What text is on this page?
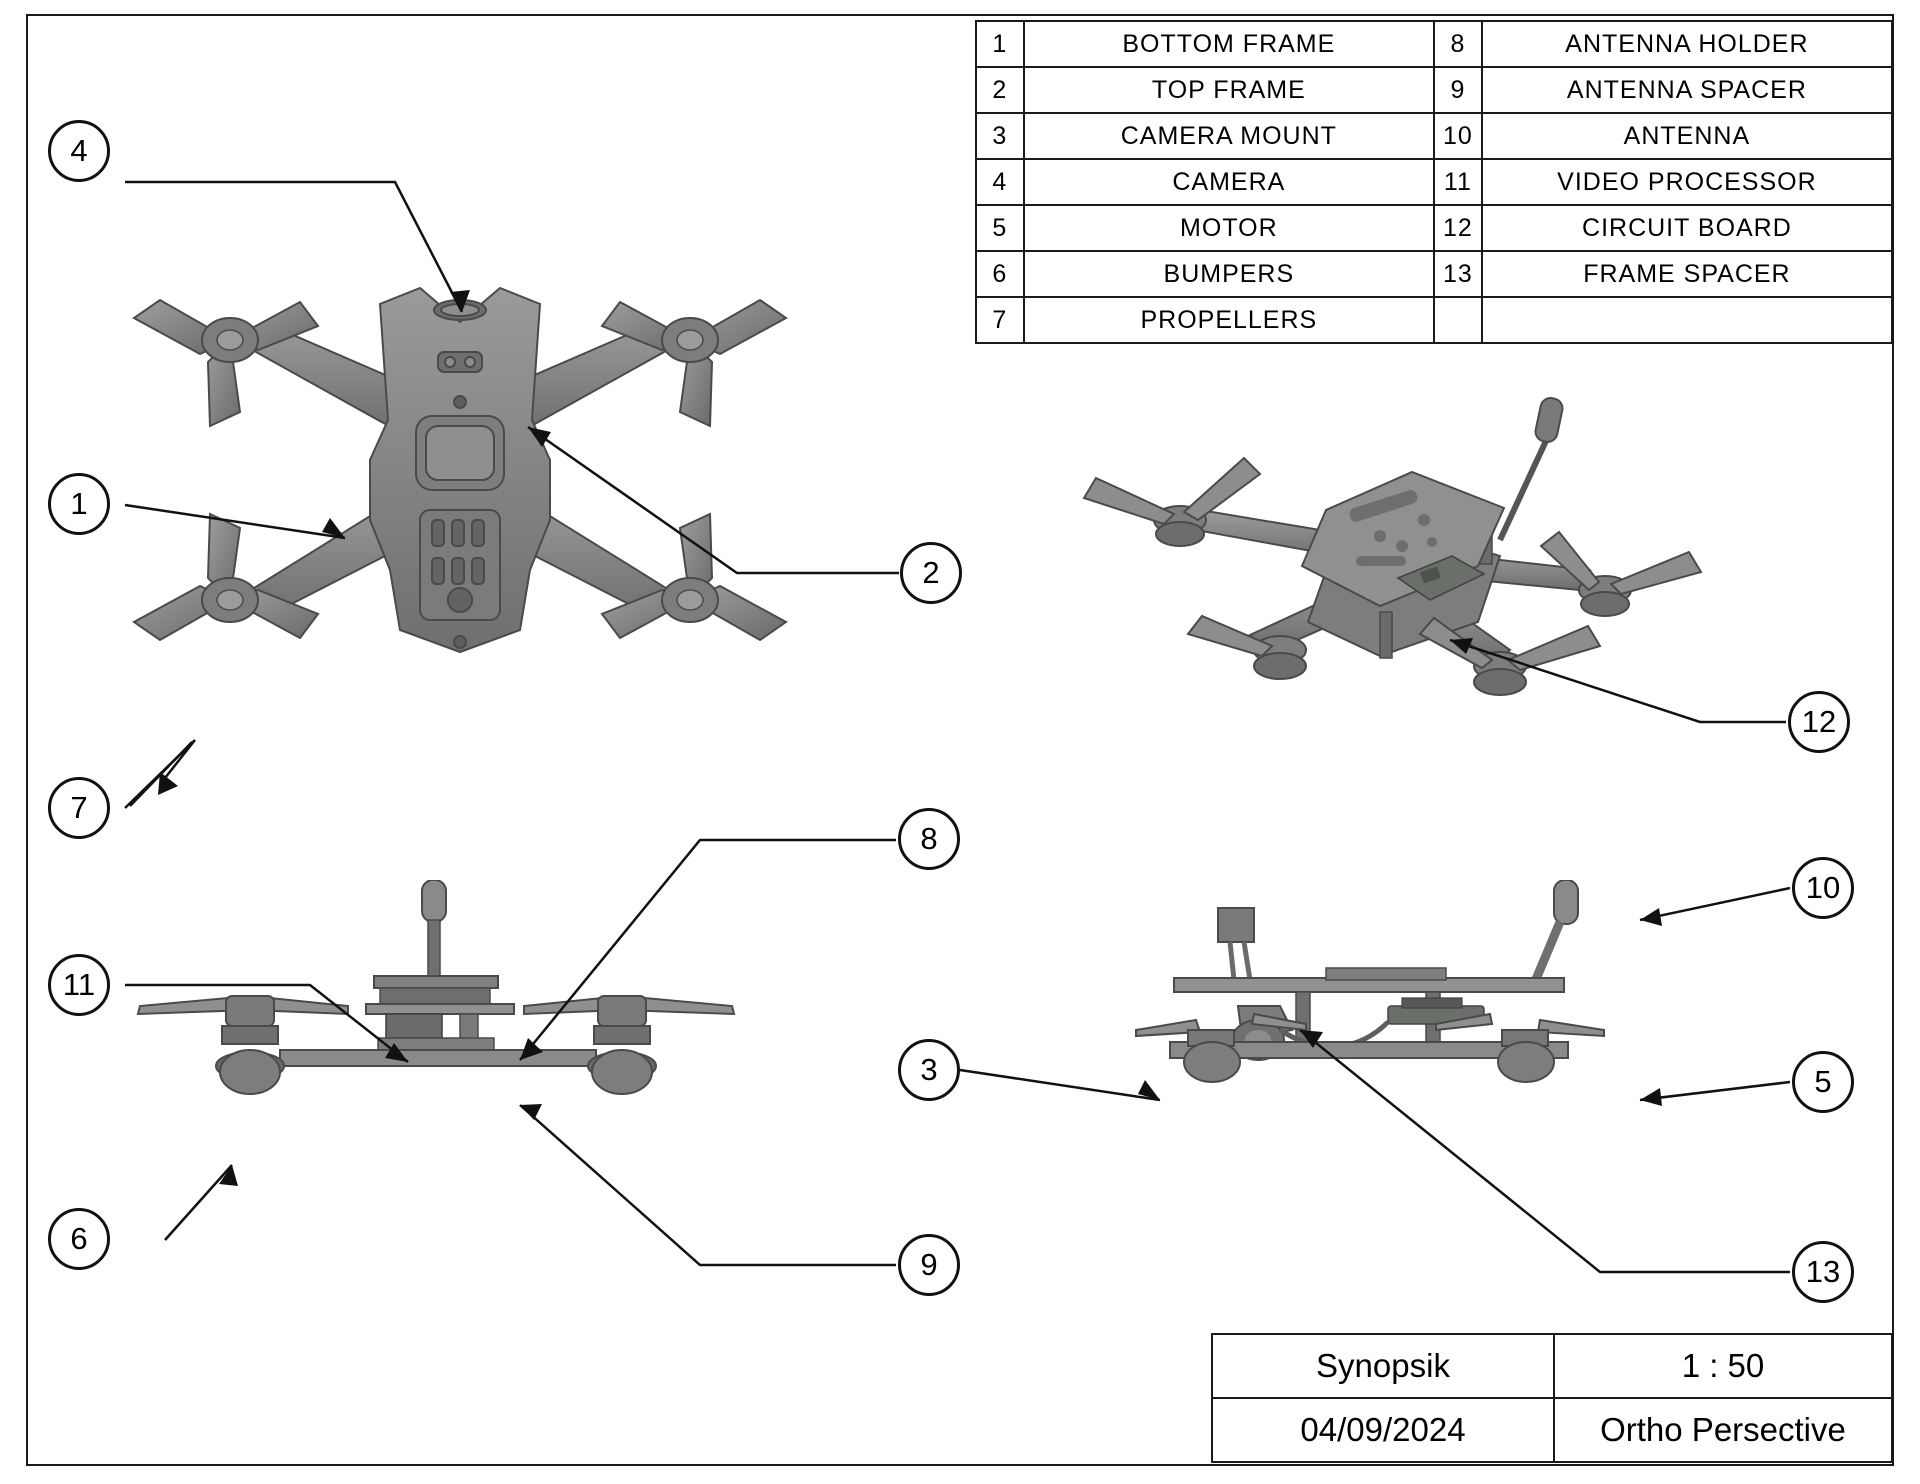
1	BOTTOM FRAME	8	ANTENNA HOLDER
2	TOP FRAME	9	ANTENNA SPACER
3	CAMERA MOUNT	10	ANTENNA
4	CAMERA	11	VIDEO PROCESSOR
5	MOTOR	12	CIRCUIT BOARD
6	BUMPERS	13	FRAME SPACER
7	PROPELLERS		
Synopsik	1 : 50
04/09/2024	Ortho Persective
4
1
2
7
12
8
11
6
9
10
3	5
13
